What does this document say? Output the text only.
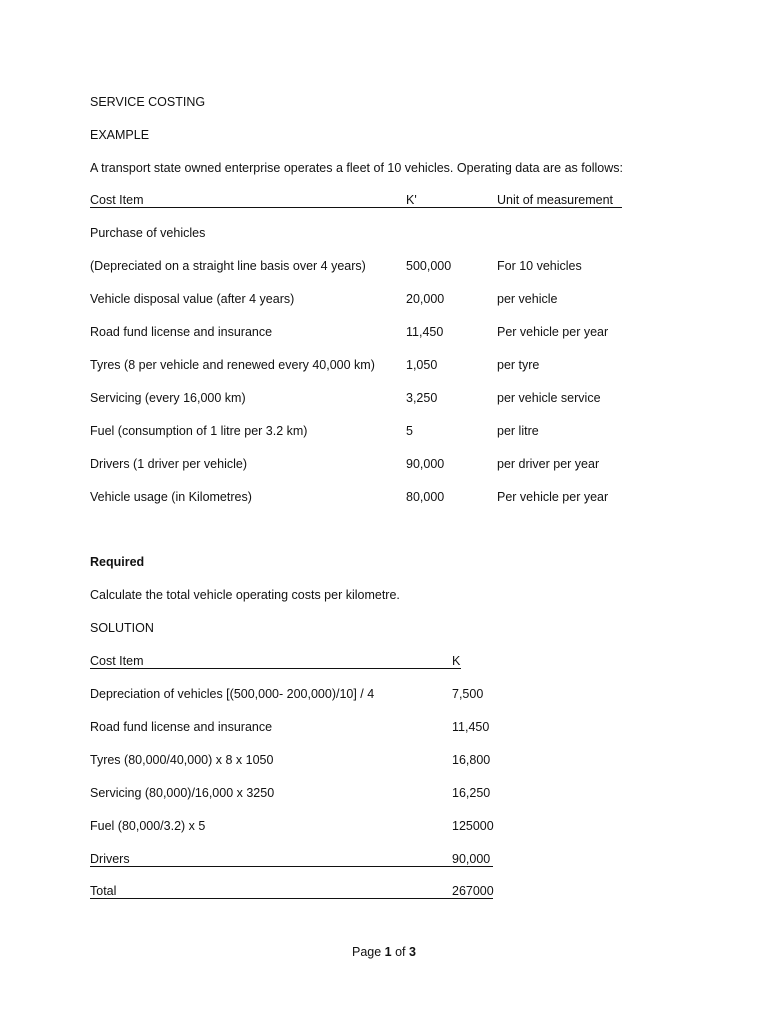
SERVICE COSTING
EXAMPLE
A transport state owned enterprise operates a fleet of 10 vehicles. Operating data are as follows:
Cost Item	K'	Unit of measurement
Purchase of vehicles
(Depreciated on a straight line basis over 4 years)	500,000	For 10 vehicles
Vehicle disposal value (after 4 years)	20,000	per vehicle
Road fund license and insurance	11,450	Per vehicle per year
Tyres (8 per vehicle and renewed every 40,000 km) 1,050	per tyre
Servicing (every 16,000 km)	3,250	per vehicle service
Fuel (consumption of 1 litre per 3.2 km)	5	per litre
Drivers (1 driver per vehicle)	90,000	per driver per year
Vehicle usage (in Kilometres)	80,000	Per vehicle per year
Required
Calculate the total vehicle operating costs per kilometre.
SOLUTION
Cost Item	K
Depreciation of vehicles [(500,000- 200,000)/10] / 4	7,500
Road fund license and insurance	11,450
Tyres (80,000/40,000) x 8 x 1050	16,800
Servicing (80,000)/16,000 x 3250	16,250
Fuel (80,000/3.2) x 5	125000
Drivers	90,000
Total	267000
Page 1 of 3
